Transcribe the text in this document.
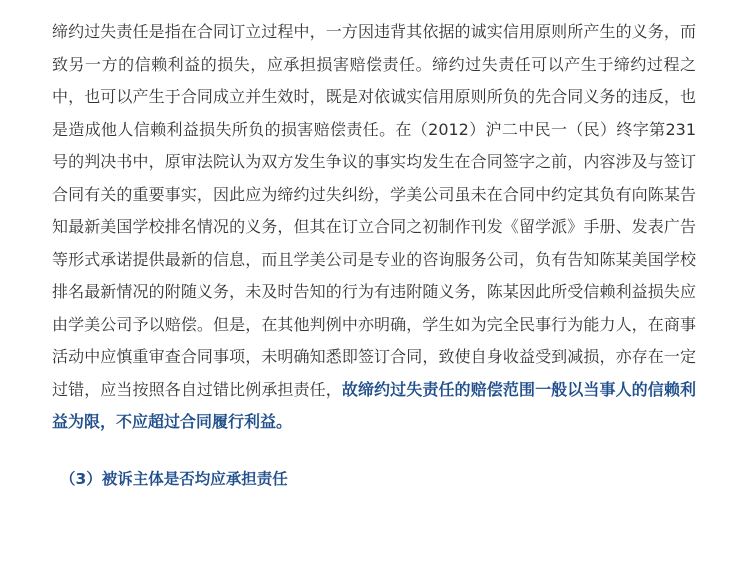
缔约过失责任是指在合同订立过程中，一方因违背其依据的诚实信用原则所产生的义务，而致另一方的信赖利益的损失，应承担损害赔偿责任。缔约过失责任可以产生于缔约过程之中，也可以产生于合同成立并生效时，既是对依诚实信用原则所负的先合同义务的违反，也是造成他人信赖利益损失所负的损害赔偿责任。在（2012）沪二中民一（民）终字第231号的判决书中，原审法院认为双方发生争议的事实均发生在合同签字之前，内容涉及与签订合同有关的重要事实，因此应为缔约过失纠纷，学美公司虽未在合同中约定其负有向陈某告知最新美国学校排名情况的义务，但其在订立合同之初制作刊发《留学派》手册、发表广告等形式承诺提供最新的信息，而且学美公司是专业的咨询服务公司，负有告知陈某美国学校排名最新情况的附随义务，未及时告知的行为有违附随义务，陈某因此所受信赖利益损失应由学美公司予以赔偿。但是，在其他判例中亦明确，学生如为完全民事行为能力人，在商事活动中应慎重审查合同事项，未明确知悉即签订合同，致使自身收益受到减损，亦存在一定过错，应当按照各自过错比例承担责任，故缔约过失责任的赔偿范围一般以当事人的信赖利益为限，不应超过合同履行利益。

（3）被诉主体是否均应承担责任
